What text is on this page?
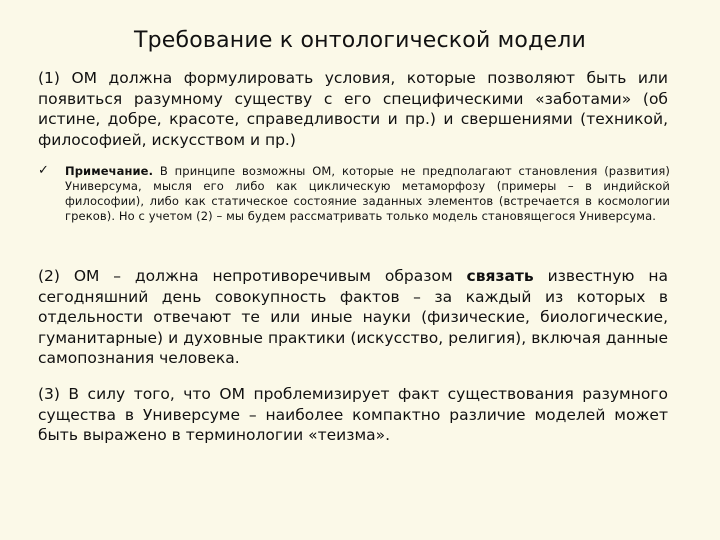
Требование к онтологической модели

(1) ОМ должна формулировать условия, которые позволяют быть или появиться разумному существу с его специфическими «заботами» (об истине, добре, красоте, справедливости и пр.) и свершениями (техникой, философией, искусством и пр.)

✓ Примечание. В принципе возможны ОМ, которые не предполагают становления (развития) Универсума, мысля его либо как циклическую метаморфозу (примеры – в индийской философии), либо как статическое состояние заданных элементов (встречается в космологии греков). Но с учетом (2) – мы будем рассматривать только модель становящегося Универсума.

(2) ОМ – должна непротиворечивым образом связать известную на сегодняшний день совокупность фактов – за каждый из которых в отдельности отвечают те или иные науки (физические, биологические, гуманитарные) и духовные практики (искусство, религия), включая данные самопознания человека.

(3) В силу того, что ОМ проблемизирует факт существования разумного существа в Универсуме – наиболее компактно различие моделей может быть выражено в терминологии «теизма».
